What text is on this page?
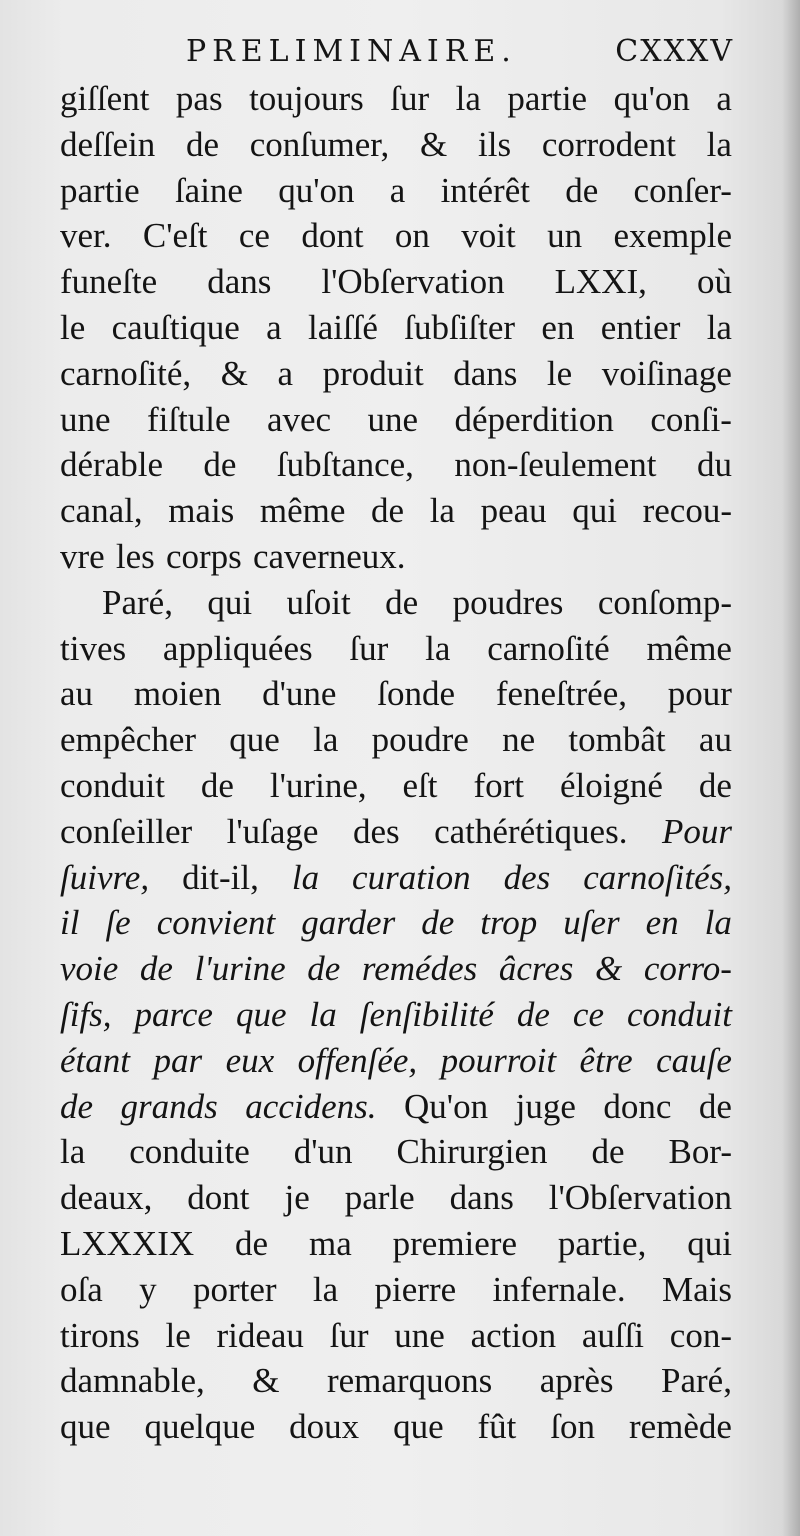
PRELIMINAIRE.	CXXXV
giſſent pas toujours ſur la partie qu'on a
deſſein de conſumer, & ils corrodent la
partie ſaine qu'on a intérêt de conſer-
ver. C'eſt ce dont on voit un exemple
funeſte dans l'Obſervation LXXI, où
le cauſtique a laiſſé ſubſiſter en entier la
carnoſité, & a produit dans le voiſinage
une fiſtule avec une déperdition conſi-
dérable de ſubſtance, non-ſeulement du
canal, mais même de la peau qui recou-
vre les corps caverneux.
Paré, qui uſoit de poudres conſomp-
tives appliquées ſur la carnoſité même
au moien d'une ſonde feneſtrée, pour
empêcher que la poudre ne tombât au
conduit de l'urine, eſt fort éloigné de
conſeiller l'uſage des cathérétiques. Pour
ſuivre, dit-il, la curation des carnoſités,
il ſe convient garder de trop uſer en la
voie de l'urine de remédes âcres & corro-
ſifs, parce que la ſenſibilité de ce conduit
étant par eux offenſée, pourroit être cauſe
de grands accidens. Qu'on juge donc de
la conduite d'un Chirurgien de Bor-
deaux, dont je parle dans l'Obſervation
LXXXIX de ma premiere partie, qui
oſa y porter la pierre infernale. Mais
tirons le rideau ſur une action auſſi con-
damnable, & remarquons après Paré,
que quelque doux que fût ſon remède
